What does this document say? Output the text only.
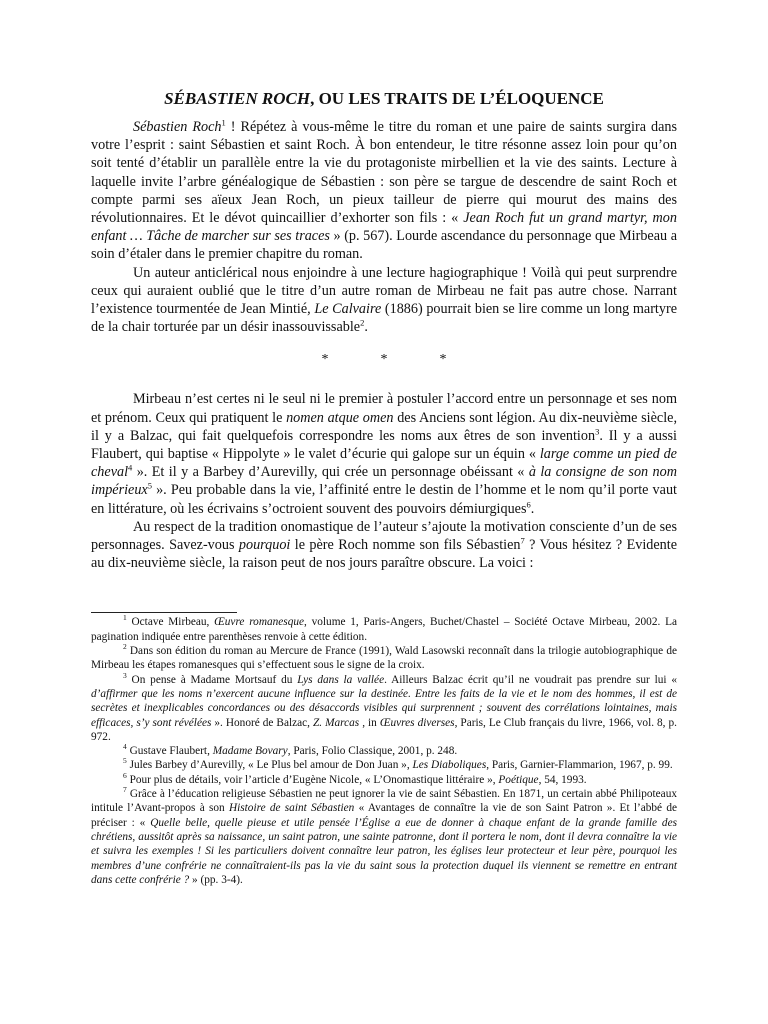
SÉBASTIEN ROCH, OU LES TRAITS DE L’ÉLOQUENCE

Sébastien Roch$^1$ ! Répétez à vous-même le titre du roman et une paire de saints surgira dans votre l’esprit : saint Sébastien et saint Roch. À bon entendeur, le titre résonne assez loin pour qu’on soit tenté d’établir un parallèle entre la vie du protagoniste mirbellien et la vie des saints. Lecture à laquelle invite l’arbre généalogique de Sébastien : son père se targue de descendre de saint Roch et compte parmi ses aïeux Jean Roch, un pieux tailleur de pierre qui mourut des mains des révolutionnaires. Et le dévot quincaillier d’exhorter son fils : « Jean Roch fut un grand martyr, mon enfant … Tâche de marcher sur ses traces » (p. 567). Lourde ascendance du personnage que Mirbeau a soin d’étaler dans le premier chapitre du roman.

Un auteur anticlérical nous enjoindre à une lecture hagiographique ! Voilà qui peut surprendre ceux qui auraient oublié que le titre d’un autre roman de Mirbeau ne fait pas autre chose. Narrant l’existence tourmentée de Jean Mintié, Le Calvaire (1886) pourrait bien se lire comme un long martyre de la chair torturée par un désir inassouvissable$^2$.

*	*	*

Mirbeau n’est certes ni le seul ni le premier à postuler l’accord entre un personnage et ses nom et prénom. Ceux qui pratiquent le nomen atque omen des Anciens sont légion. Au dix-neuvième siècle, il y a Balzac, qui fait quelquefois correspondre les noms aux êtres de son invention$^3$. Il y a aussi Flaubert, qui baptise « Hippolyte » le valet d’écurie qui galope sur un équin « large comme un pied de cheval$^4$ ». Et il y a Barbey d’Aurevilly, qui crée un personnage obéissant « à la consigne de son nom impérieux$^5$ ». Peu probable dans la vie, l’affinité entre le destin de l’homme et le nom qu’il porte vaut en littérature, où les écrivains s’octroient souvent des pouvoirs démiurgiques$^6$.

Au respect de la tradition onomastique de l’auteur s’ajoute la motivation consciente d’un de ses personnages. Savez-vous pourquoi le père Roch nomme son fils Sébastien$^7$ ? Vous hésitez ? Evidente au dix-neuvième siècle, la raison peut de nos jours paraître obscure. La voici :

$^1$ Octave Mirbeau, Œuvre romanesque, volume 1, Paris-Angers, Buchet/Chastel – Société Octave Mirbeau, 2002. La pagination indiquée entre parenthèses renvoie à cette édition.

$^2$ Dans son édition du roman au Mercure de France (1991), Wald Lasowski reconnaît dans la trilogie autobiographique de Mirbeau les étapes romanesques qui s’effectuent sous le signe de la croix.

$^3$ On pense à Madame Mortsauf du Lys dans la vallée. Ailleurs Balzac écrit qu’il ne voudrait pas prendre sur lui « d’affirmer que les noms n’exercent aucune influence sur la destinée. Entre les faits de la vie et le nom des hommes, il est de secrètes et inexplicables concordances ou des désaccords visibles qui surprennent ; souvent des corrélations lointaines, mais efficaces, s’y sont révélées ». Honoré de Balzac, Z. Marcas , in Œuvres diverses, Paris, Le Club français du livre, 1966, vol. 8, p. 972.

$^4$ Gustave Flaubert, Madame Bovary, Paris, Folio Classique, 2001, p. 248.

$^5$ Jules Barbey d’Aurevilly, « Le Plus bel amour de Don Juan », Les Diaboliques, Paris, Garnier-Flammarion, 1967, p. 99.

$^6$ Pour plus de détails, voir l’article d’Eugène Nicole, « L’Onomastique littéraire », Poétique, 54, 1993.

$^7$ Grâce à l’éducation religieuse Sébastien ne peut ignorer la vie de saint Sébastien. En 1871, un certain abbé Philipoteaux intitule l’Avant-propos à son Histoire de saint Sébastien « Avantages de connaître la vie de son Saint Patron ». Et l’abbé de préciser : « Quelle belle, quelle pieuse et utile pensée l’Église a eue de donner à chaque enfant de la grande famille des chrétiens, aussitôt après sa naissance, un saint patron, une sainte patronne, dont il portera le nom, dont il devra connaître la vie et suivra les exemples ! Si les particuliers doivent connaître leur patron, les églises leur protecteur et leur père, pourquoi les membres d’une confrérie ne connaîtraient-ils pas la vie du saint sous la protection duquel ils viennent se remettre en entrant dans cette confrérie ? » (pp. 3-4).
